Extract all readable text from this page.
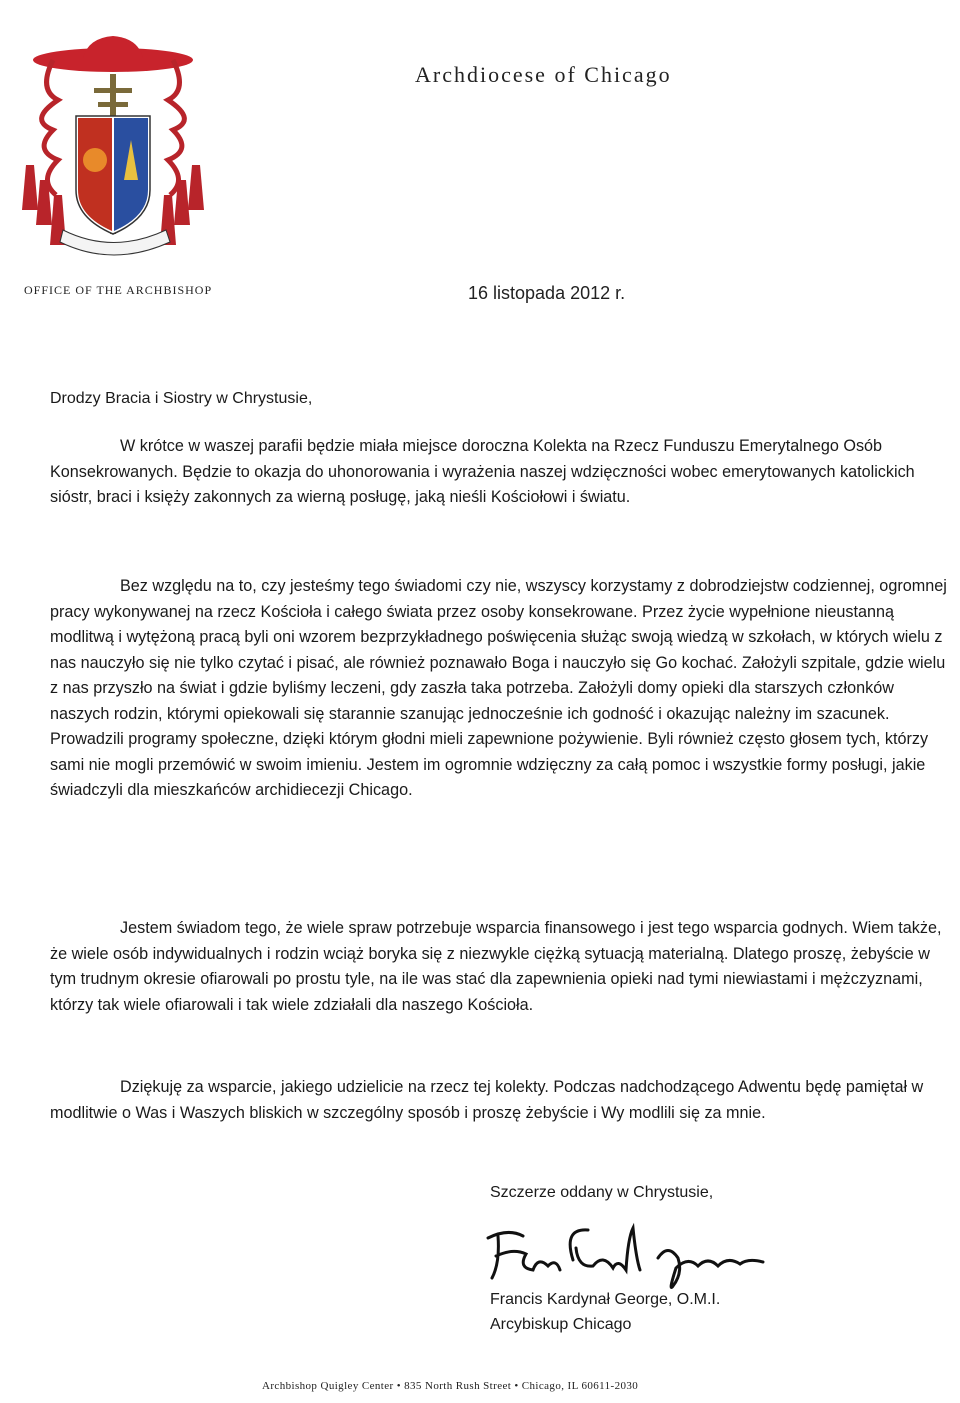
Archdiocese of Chicago
OFFICE OF THE ARCHBISHOP	16 listopada 2012 r.
Drodzy Bracia i Siostry w Chrystusie,

W krótce w waszej parafii będzie miała miejsce doroczna Kolekta na Rzecz Funduszu Emerytalnego Osób Konsekrowanych. Będzie to okazja do uhonorowania i wyrażenia naszej wdzięczności wobec emerytowanych katolickich sióstr, braci i księży zakonnych za wierną posługę, jaką nieśli Kościołowi i światu.

Bez względu na to, czy jesteśmy tego świadomi czy nie, wszyscy korzystamy z dobrodziejstw codziennej, ogromnej pracy wykonywanej na rzecz Kościoła i całego świata przez osoby konsekrowane. Przez życie wypełnione nieustanną modlitwą i wytężoną pracą byli oni wzorem bezprzykładnego poświęcenia służąc swoją wiedzą w szkołach, w których wielu z nas nauczyło się nie tylko czytać i pisać, ale również poznawało Boga i nauczyło się Go kochać. Założyli szpitale, gdzie wielu z nas przyszło na świat i gdzie byliśmy leczeni, gdy zaszła taka potrzeba. Założyli domy opieki dla starszych członków naszych rodzin, którymi opiekowali się starannie szanując jednocześnie ich godność i okazując należny im szacunek. Prowadzili programy społeczne, dzięki którym głodni mieli zapewnione pożywienie. Byli również często głosem tych, którzy sami nie mogli przemówić w swoim imieniu. Jestem im ogromnie wdzięczny za całą pomoc i wszystkie formy posługi, jakie świadczyli dla mieszkańców archidiecezji Chicago.

Jestem świadom tego, że wiele spraw potrzebuje wsparcia finansowego i jest tego wsparcia godnych. Wiem także, że wiele osób indywidualnych i rodzin wciąż boryka się z niezwykle ciężką sytuacją materialną. Dlatego proszę, żebyście w tym trudnym okresie ofiarowali po prostu tyle, na ile was stać dla zapewnienia opieki nad tymi niewiastami i mężczyznami, którzy tak wiele ofiarowali i tak wiele zdziałali dla naszego Kościoła.

Dziękuję za wsparcie, jakiego udzielicie na rzecz tej kolekty. Podczas nadchodzącego Adwentu będę pamiętał w modlitwie o Was i Waszych bliskich w szczególny sposób i proszę żebyście i Wy modlili się za mnie.

Szczerze oddany w Chrystusie,
Francis Kardynał George, O.M.I.
Arcybiskup Chicago
Archbishop Quigley Center • 835 North Rush Street • Chicago, IL 60611-2030
